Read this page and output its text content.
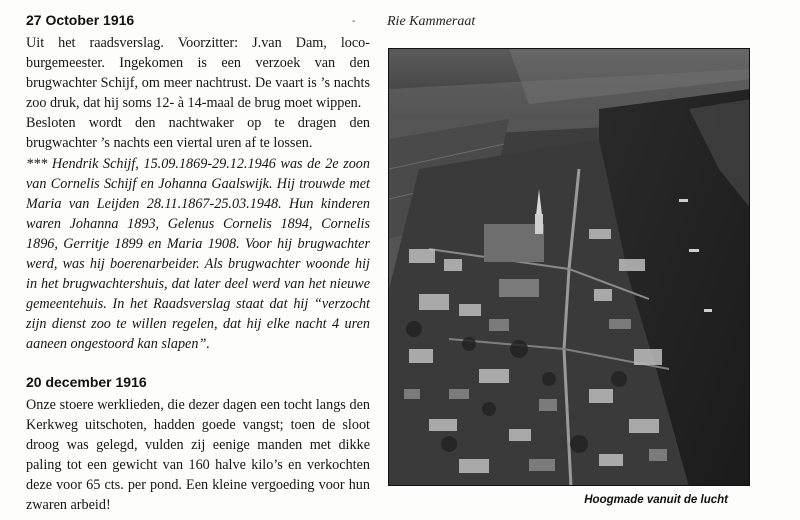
27 October 1916

Uit het raadsverslag. Voorzitter: J.van Dam, loco-burgemeester. Ingekomen is een verzoek van den brugwachter Schijf, om meer nachtrust. De vaart is ’s nachts zoo druk, dat hij soms 12- à 14-maal de brug moet wippen.

Besloten wordt den nachtwaker op te dragen den brugwachter ’s nachts een viertal uren af te lossen.

*** Hendrik Schijf, 15.09.1869-29.12.1946 was de 2e zoon van Cornelis Schijf en Johanna Gaalswijk. Hij trouwde met Maria van Leijden 28.11.1867-25.03.1948. Hun kinderen waren Johanna 1893, Gelenus Cornelis 1894, Cornelis 1896, Gerritje 1899 en Maria 1908. Voor hij brugwachter werd, was hij boerenarbeider. Als brugwachter woonde hij in het brugwachtershuis, dat later deel werd van het nieuwe gemeentehuis. In het Raadsverslag staat dat hij “verzocht zijn dienst zoo te willen regelen, dat hij elke nacht 4 uren aaneen ongestoord kan slapen”.

20 december 1916

Onze stoere werklieden, die dezer dagen een tocht langs den Kerkweg uitschoten, hadden goede vangst; toen de sloot droog was gelegd, vulden zij eenige manden met dikke paling tot een gewicht van 160 halve kilo’s en verkochten deze voor 65 cts. per pond. Een kleine vergoeding voor hun zwaren arbeid!

- Rie Kammeraat
Hoogmade vanuit de lucht
